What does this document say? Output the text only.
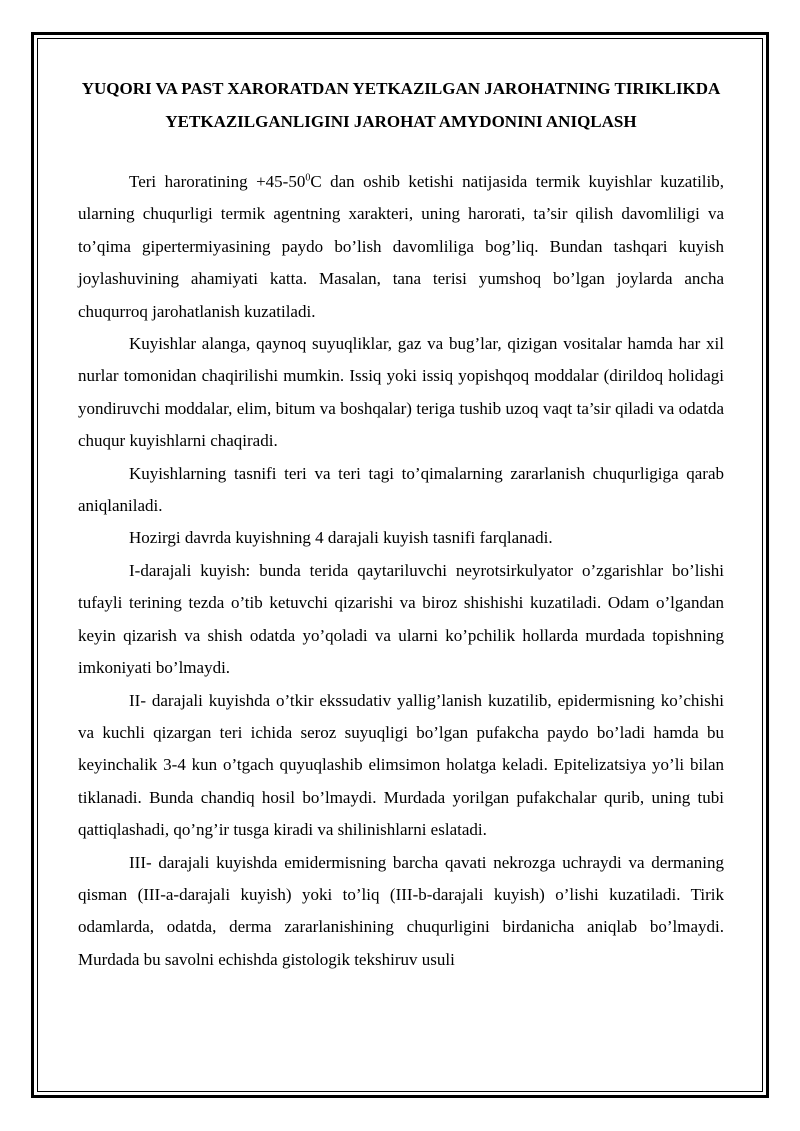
YUQORI VA PAST XARORATDAN YETKAZILGAN JAROHATNING TIRIKLIKDA YETKAZILGANLIGINI JAROHAT AMYDONINI ANIQLASH

Teri haroratining $+45-50^0C$ dan oshib ketishi natijasida termik kuyishlar kuzatilib, ularning chuqurligi termik agentning xarakteri, uning harorati, ta’sir qilish davomliligi va to’qima gipertermiyasining paydo bo’lish davomliliga bog’liq. Bundan tashqari kuyish joylashuvining ahamiyati katta. Masalan, tana terisi yumshoq bo’lgan joylarda ancha chuqurroq jarohatlanish kuzatiladi.

Kuyishlar alanga, qaynoq suyuqliklar, gaz va bug’lar, qizigan vositalar hamda har xil nurlar tomonidan chaqirilishi mumkin. Issiq yoki issiq yopishqoq moddalar (dirildoq holidagi yondiruvchi moddalar, elim, bitum va boshqalar) teriga tushib uzoq vaqt ta’sir qiladi va odatda chuqur kuyishlarni chaqiradi.

Kuyishlarning tasnifi teri va teri tagi to’qimalarning zararlanish chuqurligiga qarab aniqlaniladi.

Hozirgi davrda kuyishning 4 darajali kuyish tasnifi farqlanadi.

I-darajali kuyish: bunda terida qaytariluvchi neyrotsirkulyator o’zgarishlar bo’lishi tufayli terining tezda o’tib ketuvchi qizarishi va biroz shishishi kuzatiladi. Odam o’lgandan keyin qizarish va shish odatda yo’qoladi va ularni ko’pchilik hollarda murdada topishning imkoniyati bo’lmaydi.

II- darajali kuyishda o’tkir ekssudativ yallig’lanish kuzatilib, epidermisning ko’chishi va kuchli qizargan teri ichida seroz suyuqligi bo’lgan pufakcha paydo bo’ladi hamda bu keyinchalik 3-4 kun o’tgach quyuqlashib elimsimon holatga keladi. Epitelizatsiya yo’li bilan tiklanadi. Bunda chandiq hosil bo’lmaydi. Murdada yorilgan pufakchalar qurib, uning tubi qattiqlashadi, qo’ng’ir tusga kiradi va shilinishlarni eslatadi.

III- darajali kuyishda emidermisning barcha qavati nekrozga uchraydi va dermaning qisman (III-a-darajali kuyish) yoki to’liq (III-b-darajali kuyish) o’lishi kuzatiladi. Tirik odamlarda, odatda, derma zararlanishining chuqurligini birdanicha aniqlab bo’lmaydi. Murdada bu savolni echishda gistologik tekshiruv usuli
